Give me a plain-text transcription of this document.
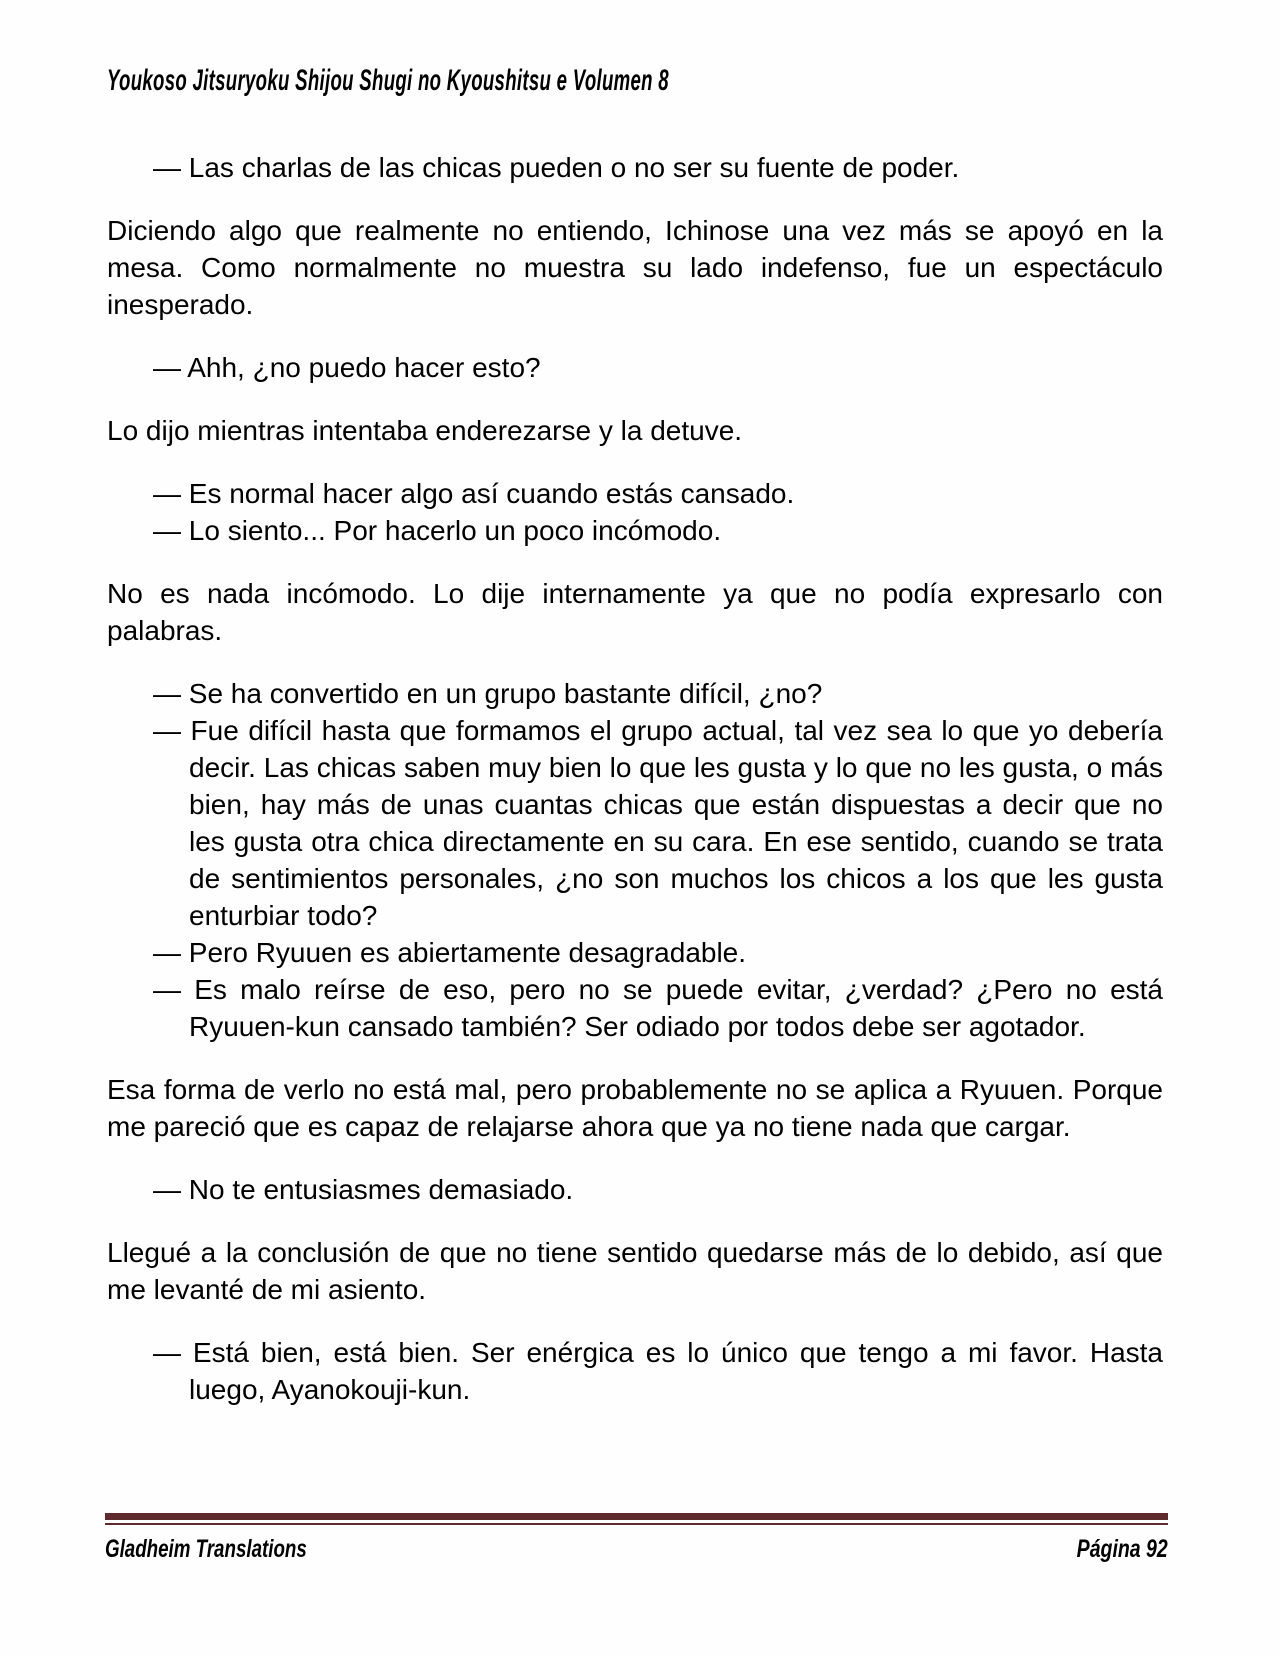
Youkoso Jitsuryoku Shijou Shugi no Kyoushitsu e Volumen 8

— Las charlas de las chicas pueden o no ser su fuente de poder.

Diciendo algo que realmente no entiendo, Ichinose una vez más se apoyó en la mesa. Como normalmente no muestra su lado indefenso, fue un espectáculo inesperado.

— Ahh, ¿no puedo hacer esto?

Lo dijo mientras intentaba enderezarse y la detuve.

— Es normal hacer algo así cuando estás cansado.

— Lo siento... Por hacerlo un poco incómodo.

No es nada incómodo. Lo dije internamente ya que no podía expresarlo con palabras.

— Se ha convertido en un grupo bastante difícil, ¿no?

— Fue difícil hasta que formamos el grupo actual, tal vez sea lo que yo debería decir. Las chicas saben muy bien lo que les gusta y lo que no les gusta, o más bien, hay más de unas cuantas chicas que están dispuestas a decir que no les gusta otra chica directamente en su cara. En ese sentido, cuando se trata de sentimientos personales, ¿no son muchos los chicos a los que les gusta enturbiar todo?

— Pero Ryuuen es abiertamente desagradable.

— Es malo reírse de eso, pero no se puede evitar, ¿verdad? ¿Pero no está Ryuuen-kun cansado también? Ser odiado por todos debe ser agotador.

Esa forma de verlo no está mal, pero probablemente no se aplica a Ryuuen. Porque me pareció que es capaz de relajarse ahora que ya no tiene nada que cargar.

— No te entusiasmes demasiado.

Llegué a la conclusión de que no tiene sentido quedarse más de lo debido, así que me levanté de mi asiento.

— Está bien, está bien. Ser enérgica es lo único que tengo a mi favor. Hasta luego, Ayanokouji-kun.

Gladheim Translations	Página 92
